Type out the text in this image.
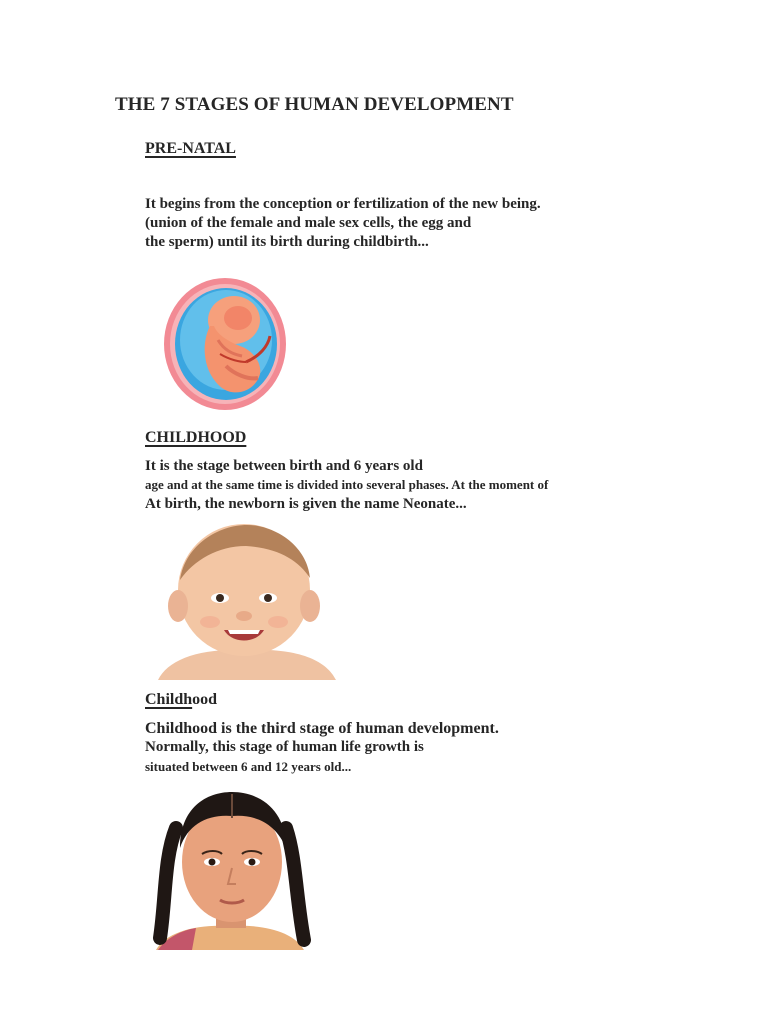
THE 7 STAGES OF HUMAN DEVELOPMENT
PRE-NATAL
It begins from the conception or fertilization of the new being.
(union of the female and male sex cells, the egg and
the sperm) until its birth during childbirth...
CHILDHOOD
It is the stage between birth and 6 years old
age and at the same time is divided into several phases. At the moment of
At birth, the newborn is given the name Neonate...
Childhood
Childhood is the third stage of human development.
Normally, this stage of human life growth is
situated between 6 and 12 years old...
